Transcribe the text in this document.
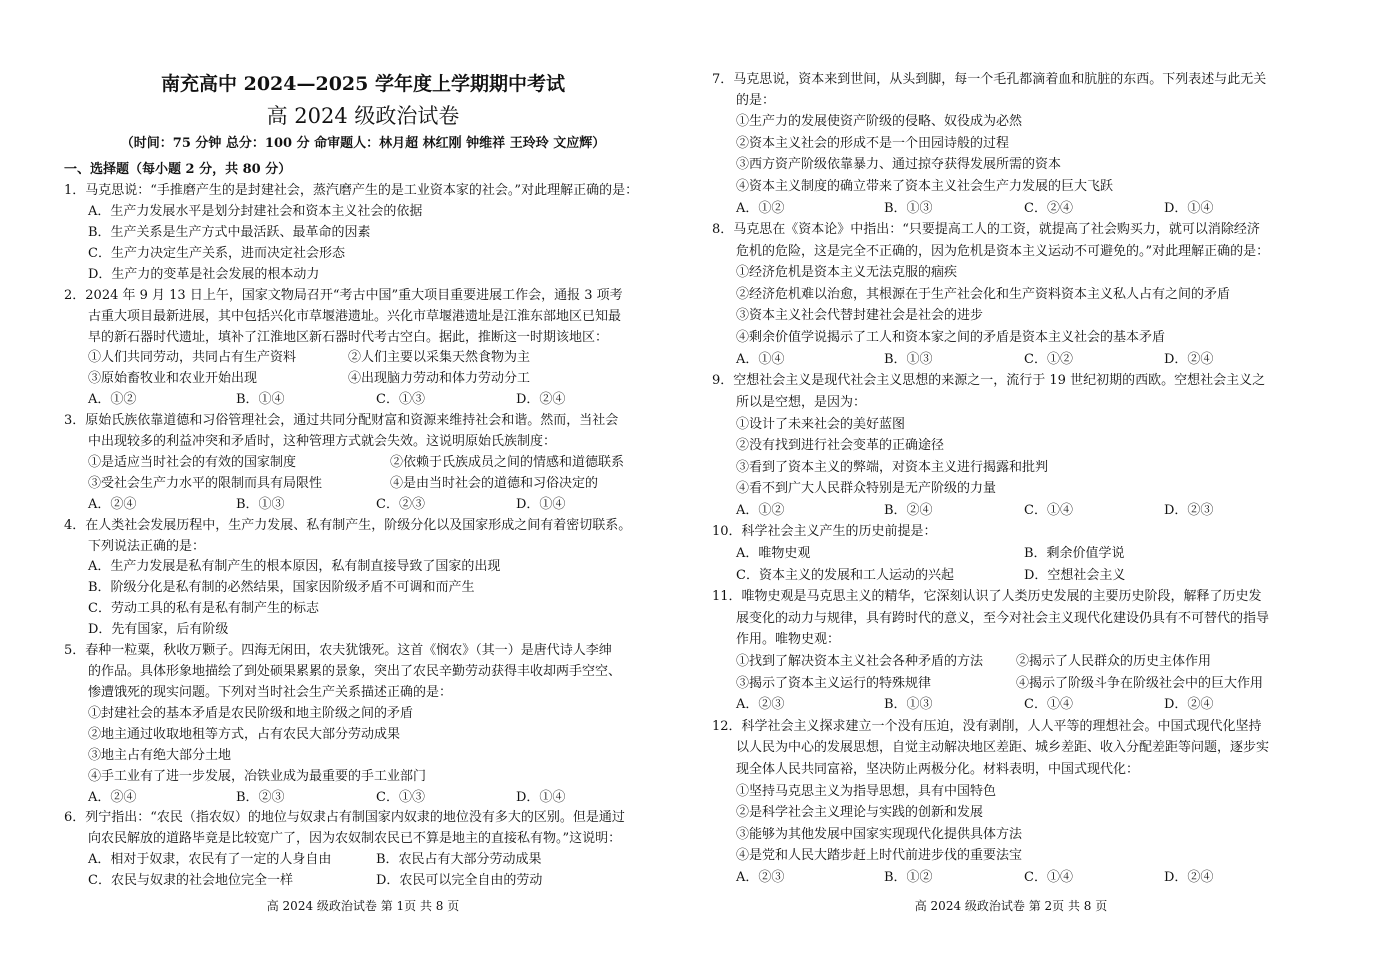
南充高中 2024—2025 学年度上学期期中考试
高 2024 级政治试卷
（时间：75 分钟 总分：100 分 命审题人：林月超 林红刚 钟维祥 王玲玲 文应辉）
一、选择题（每小题 2 分，共 80 分）
1．马克思说：“手推磨产生的是封建社会，蒸汽磨产生的是工业资本家的社会。”对此理解正确的是：
A．生产力发展水平是划分封建社会和资本主义社会的依据
B．生产关系是生产方式中最活跃、最革命的因素
C．生产力决定生产关系，进而决定社会形态
D．生产力的变革是社会发展的根本动力
2．2024 年 9 月 13 日上午，国家文物局召开“考古中国”重大项目重要进展工作会，通报 3 项考
古重大项目最新进展，其中包括兴化市草堰港遗址。兴化市草堰港遗址是江淮东部地区已知最
早的新石器时代遗址，填补了江淮地区新石器时代考古空白。据此，推断这一时期该地区：
①人们共同劳动，共同占有生产资料	②人们主要以采集天然食物为主
③原始畜牧业和农业开始出现	④出现脑力劳动和体力劳动分工
A．①②	B．①④	C．①③	D．②④
3．原始氏族依靠道德和习俗管理社会，通过共同分配财富和资源来维持社会和谐。然而，当社会
中出现较多的利益冲突和矛盾时，这种管理方式就会失效。这说明原始氏族制度：
①是适应当时社会的有效的国家制度	②依赖于氏族成员之间的情感和道德联系
③受社会生产力水平的限制而具有局限性	④是由当时社会的道德和习俗决定的
A．②④	B．①③	C．②③	D．①④
4．在人类社会发展历程中，生产力发展、私有制产生，阶级分化以及国家形成之间有着密切联系。
下列说法正确的是：
A．生产力发展是私有制产生的根本原因，私有制直接导致了国家的出现
B．阶级分化是私有制的必然结果，国家因阶级矛盾不可调和而产生
C．劳动工具的私有是私有制产生的标志
D．先有国家，后有阶级
5．春种一粒粟，秋收万颗子。四海无闲田，农夫犹饿死。这首《悯农》（其一）是唐代诗人李绅
的作品。具体形象地描绘了到处硕果累累的景象，突出了农民辛勤劳动获得丰收却两手空空、
惨遭饿死的现实问题。下列对当时社会生产关系描述正确的是：
①封建社会的基本矛盾是农民阶级和地主阶级之间的矛盾
②地主通过收取地租等方式，占有农民大部分劳动成果
③地主占有绝大部分土地
④手工业有了进一步发展，冶铁业成为最重要的手工业部门
A．②④	B．②③	C．①③	D．①④
6．列宁指出：“农民（指农奴）的地位与奴隶占有制国家内奴隶的地位没有多大的区别。但是通过
向农民解放的道路毕竟是比较宽广了，因为农奴制农民已不算是地主的直接私有物。”这说明：
A．相对于奴隶，农民有了一定的人身自由	B．农民占有大部分劳动成果
C．农民与奴隶的社会地位完全一样	D．农民可以完全自由的劳动
高 2024 级政治试卷 第 1页 共 8 页
7．马克思说，资本来到世间，从头到脚，每一个毛孔都滴着血和肮脏的东西。下列表述与此无关
的是：
①生产力的发展使资产阶级的侵略、奴役成为必然
②资本主义社会的形成不是一个田园诗般的过程
③西方资产阶级依靠暴力、通过掠夺获得发展所需的资本
④资本主义制度的确立带来了资本主义社会生产力发展的巨大飞跃
A．①②	B．①③	C．②④	D．①④
8．马克思在《资本论》中指出：“只要提高工人的工资，就提高了社会购买力，就可以消除经济
危机的危险，这是完全不正确的，因为危机是资本主义运动不可避免的。”对此理解正确的是：
①经济危机是资本主义无法克服的痼疾
②经济危机难以治愈，其根源在于生产社会化和生产资料资本主义私人占有之间的矛盾
③资本主义社会代替封建社会是社会的进步
④剩余价值学说揭示了工人和资本家之间的矛盾是资本主义社会的基本矛盾
A．①④	B．①③	C．①②	D．②④
9．空想社会主义是现代社会主义思想的来源之一，流行于 19 世纪初期的西欧。空想社会主义之
所以是空想，是因为：
①设计了未来社会的美好蓝图
②没有找到进行社会变革的正确途径
③看到了资本主义的弊端，对资本主义进行揭露和批判
④看不到广大人民群众特别是无产阶级的力量
A．①②	B．②④	C．①④	D．②③
10．科学社会主义产生的历史前提是：
A．唯物史观	B．剩余价值学说
C．资本主义的发展和工人运动的兴起	D．空想社会主义
11．唯物史观是马克思主义的精华，它深刻认识了人类历史发展的主要历史阶段，解释了历史发
展变化的动力与规律，具有跨时代的意义，至今对社会主义现代化建设仍具有不可替代的指导
作用。唯物史观：
①找到了解决资本主义社会各种矛盾的方法	②揭示了人民群众的历史主体作用
③揭示了资本主义运行的特殊规律	④揭示了阶级斗争在阶级社会中的巨大作用
A．②③	B．①③	C．①④	D．②④
12．科学社会主义探求建立一个没有压迫，没有剥削，人人平等的理想社会。中国式现代化坚持
以人民为中心的发展思想，自觉主动解决地区差距、城乡差距、收入分配差距等问题，逐步实
现全体人民共同富裕，坚决防止两极分化。材料表明，中国式现代化：
①坚持马克思主义为指导思想，具有中国特色
②是科学社会主义理论与实践的创新和发展
③能够为其他发展中国家实现现代化提供具体方法
④是党和人民大踏步赶上时代前进步伐的重要法宝
A．②③	B．①②	C．①④	D．②④
高 2024 级政治试卷 第 2页 共 8 页
